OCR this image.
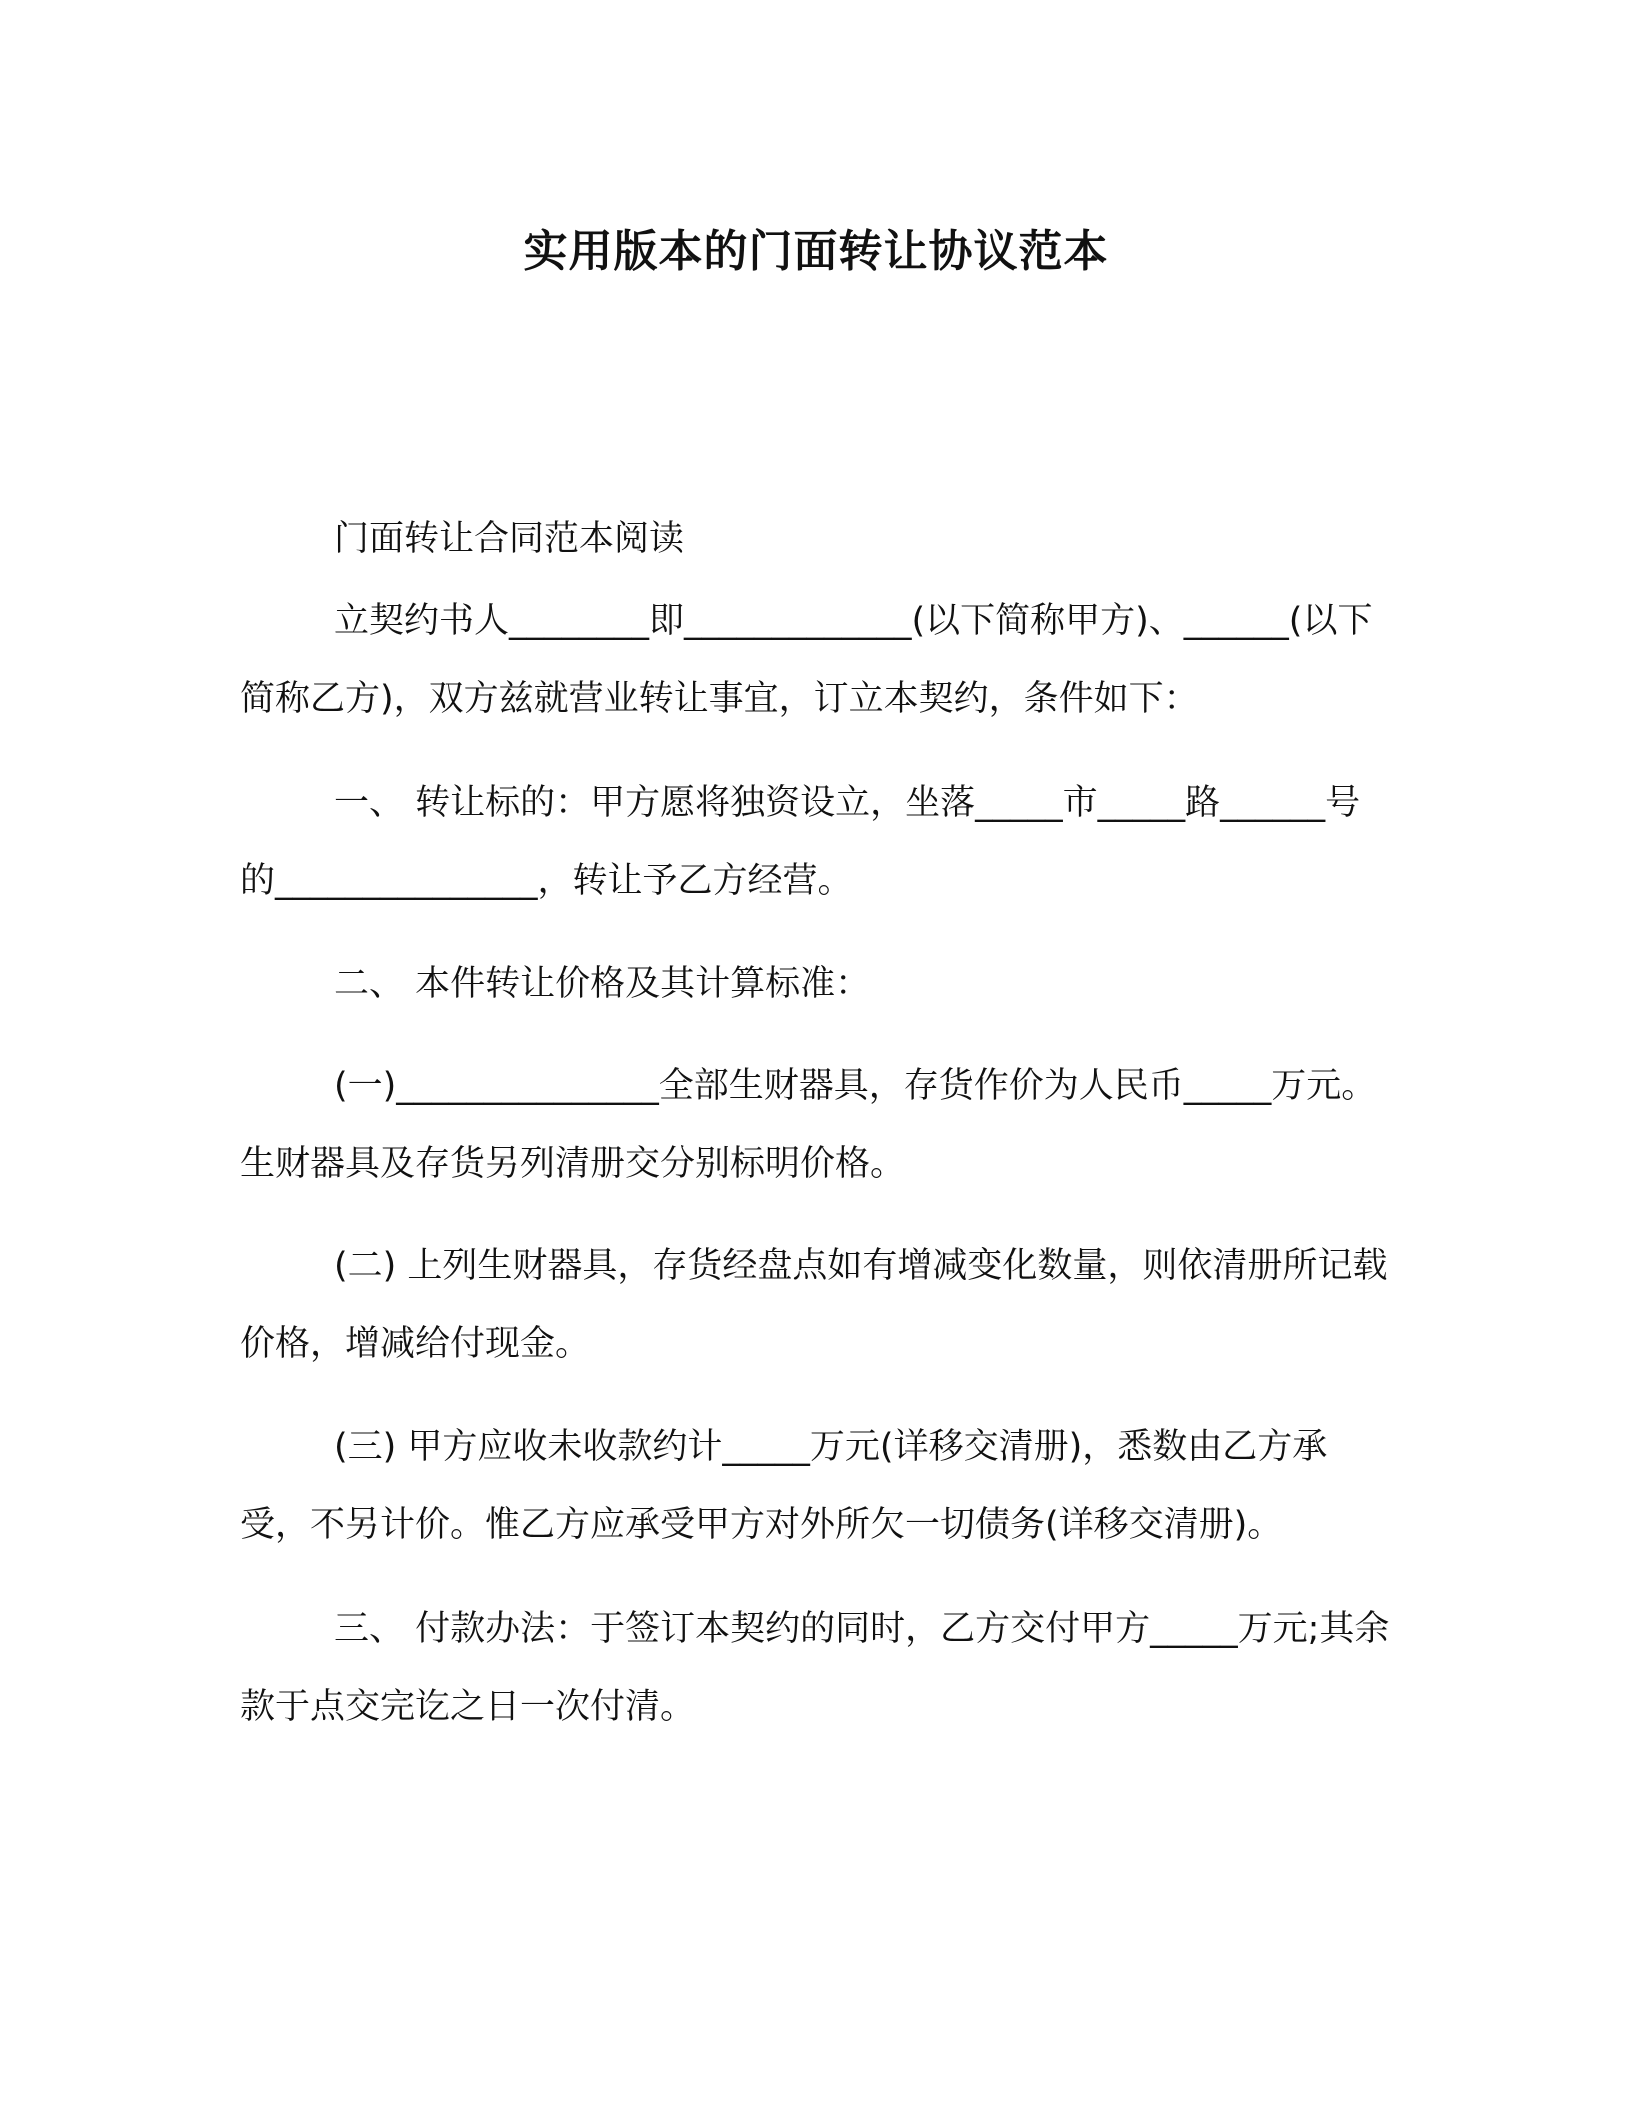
实用版本的门面转让协议范本
门面转让合同范本阅读
立契约书人________即_____________(以下简称甲方)、______(以下简称乙方)，双方兹就营业转让事宜，订立本契约，条件如下：
一、 转让标的：甲方愿将独资设立，坐落_____市_____路______号的_______________，转让予乙方经营。
二、 本件转让价格及其计算标准：
(一)_______________全部生财器具，存货作价为人民币_____万元。生财器具及存货另列清册交分别标明价格。
(二) 上列生财器具，存货经盘点如有增减变化数量，则依清册所记载价格，增减给付现金。
(三) 甲方应收未收款约计_____万元(详移交清册)，悉数由乙方承受，不另计价。惟乙方应承受甲方对外所欠一切债务(详移交清册)。
三、 付款办法：于签订本契约的同时，乙方交付甲方_____万元;其余款于点交完讫之日一次付清。
